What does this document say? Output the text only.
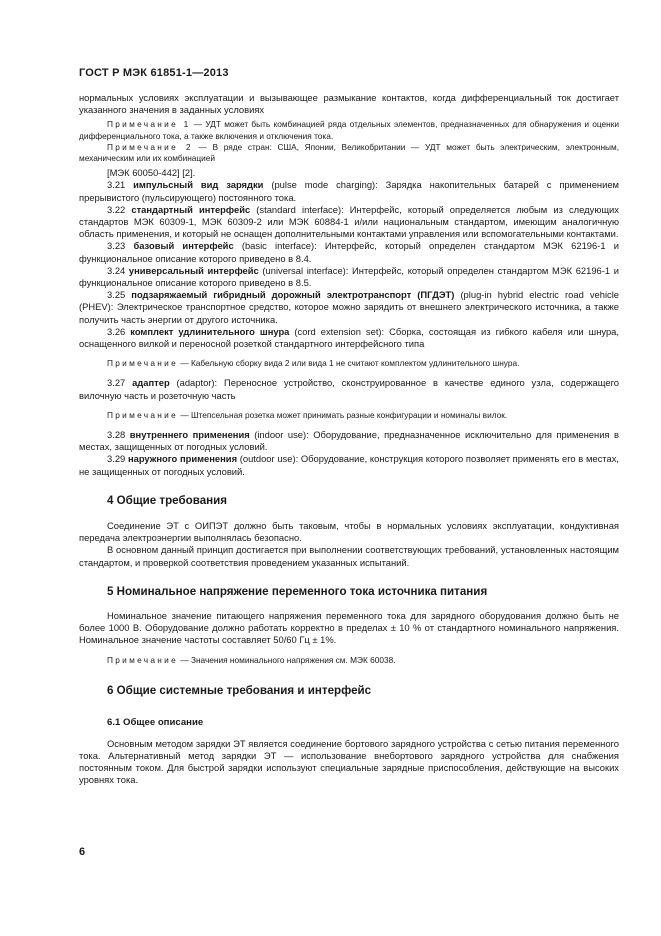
ГОСТ Р МЭК 61851-1—2013

нормальных условиях эксплуатации и вызывающее размыкание контактов, когда дифференциальный ток достигает указанного значения в заданных условиях

Примечание 1 — УДТ может быть комбинацией ряда отдельных элементов, предназначенных для обнаружения и оценки дифференциального тока, а также включения и отключения тока.

Примечание 2 — В ряде стран: США, Японии, Великобритании — УДТ может быть электрическим, электронным, механическим или их комбинацией

[МЭК 60050-442] [2].

3.21 импульсный вид зарядки (pulse mode charging): Зарядка накопительных батарей с применением прерывистого (пульсирующего) постоянного тока.

3.22 стандартный интерфейс (standard interface): Интерфейс, который определяется любым из следующих стандартов МЭК 60309-1, МЭК 60309-2 или МЭК 60884-1 и/или национальным стандартом, имеющим аналогичную область применения, и который не оснащен дополнительными контактами управления или вспомогательными контактами.

3.23 базовый интерфейс (basic interface): Интерфейс, который определен стандартом МЭК 62196-1 и функциональное описание которого приведено в 8.4.

3.24 универсальный интерфейс (universal interface): Интерфейс, который определен стандартом МЭК 62196-1 и функциональное описание которого приведено в 8.5.

3.25 подзаряжаемый гибридный дорожный электротранспорт (ПГДЭТ) (plug-in hybrid electric road vehicle (PHEV): Электрическое транспортное средство, которое можно зарядить от внешнего электрического источника, а также получить часть энергии от другого источника.

3.26 комплект удлинительного шнура (cord extension set): Сборка, состоящая из гибкого кабеля или шнура, оснащенного вилкой и переносной розеткой стандартного интерфейсного типа

Примечание — Кабельную сборку вида 2 или вида 1 не считают комплектом удлинительного шнура.

3.27 адаптер (adaptor): Переносное устройство, сконструированное в качестве единого узла, содержащего вилочную часть и розеточную часть

Примечание — Штепсельная розетка может принимать разные конфигурации и номиналы вилок.

3.28 внутреннего применения (indoor use): Оборудование, предназначенное исключительно для применения в местах, защищенных от погодных условий.

3.29 наружного применения (outdoor use): Оборудование, конструкция которого позволяет применять его в местах, не защищенных от погодных условий.

4 Общие требования

Соединение ЭТ с ОИПЭТ должно быть таковым, чтобы в нормальных условиях эксплуатации, кондуктивная передача электроэнергии выполнялась безопасно.

В основном данный принцип достигается при выполнении соответствующих требований, установленных настоящим стандартом, и проверкой соответствия проведением указанных испытаний.

5 Номинальное напряжение переменного тока источника питания

Номинальное значение питающего напряжения переменного тока для зарядного оборудования должно быть не более 1000 В. Оборудование должно работать корректно в пределах ± 10 % от стандартного номинального напряжения. Номинальное значение частоты составляет 50/60 Гц ± 1%.

Примечание — Значения номинального напряжения см. МЭК 60038.

6 Общие системные требования и интерфейс
6.1 Общее описание

Основным методом зарядки ЭТ является соединение бортового зарядного устройства с сетью питания переменного тока. Альтернативный метод зарядки ЭТ — использование внебортового зарядного устройства для снабжения постоянным током. Для быстрой зарядки используют специальные зарядные приспособления, действующие на высоких уровнях тока.

6
